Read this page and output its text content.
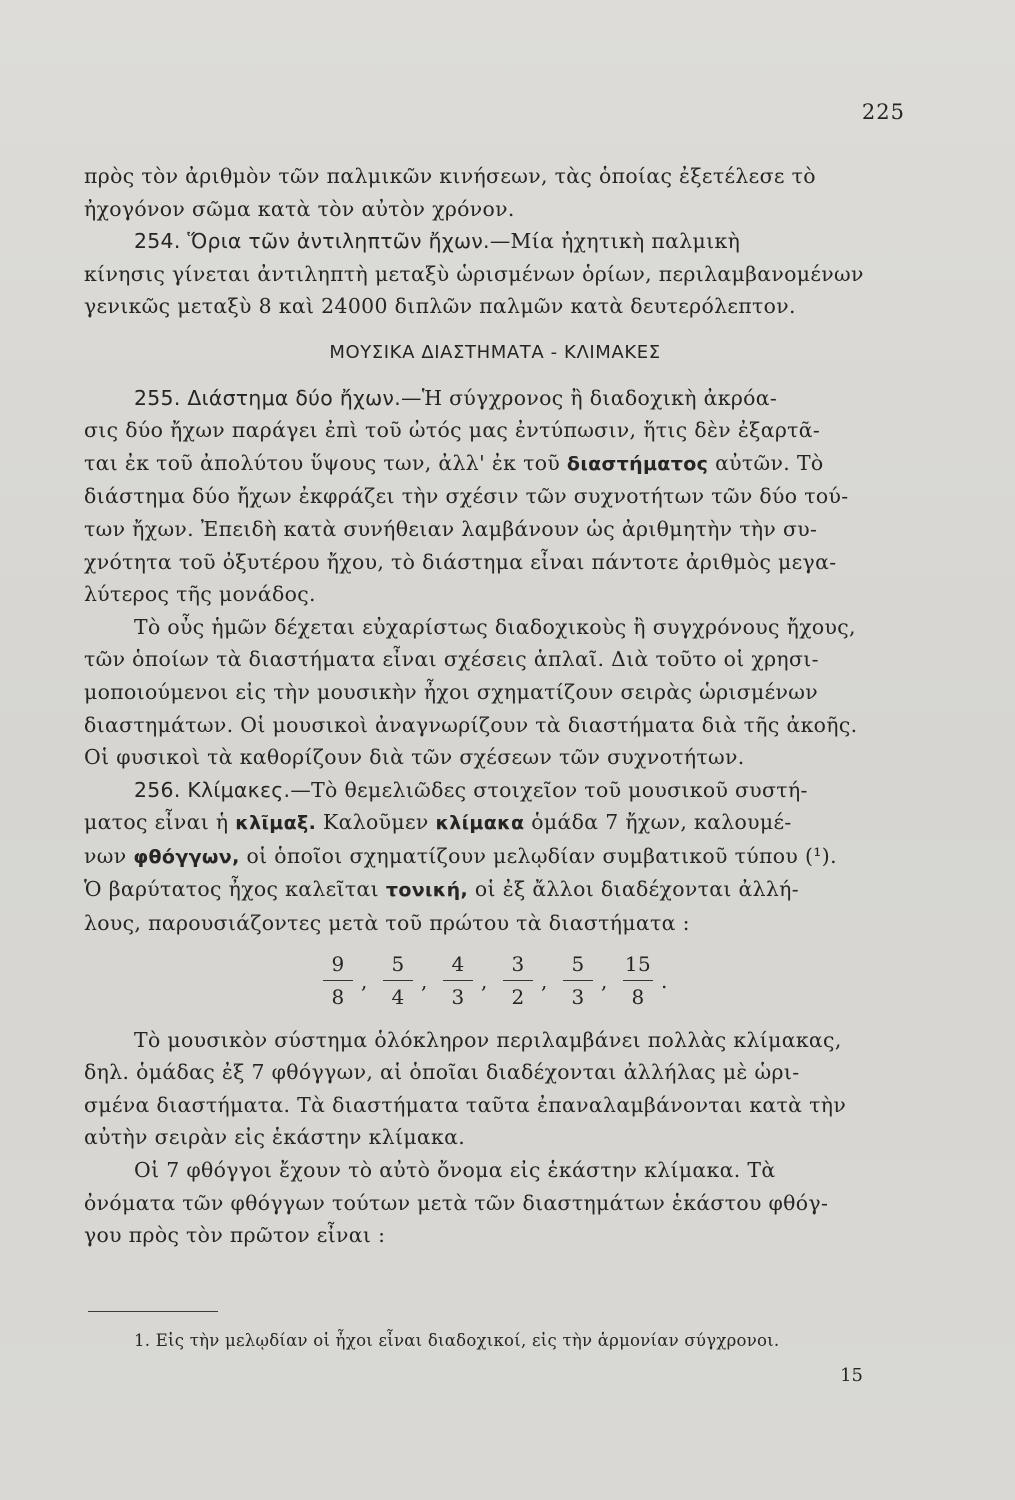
225

πρὸς τὸν ἀριθμὸν τῶν παλμικῶν κινήσεων, τὰς ὁποίας ἐξετέλεσε τὸ
ἠχογόνον σῶμα κατὰ τὸν αὐτὸν χρόνον.

254. Ὅρια τῶν ἀντιληπτῶν ἤχων.—Μία ἠχητικὴ παλμικὴ
κίνησις γίνεται ἀντιληπτὴ μεταξὺ ὡρισμένων ὁρίων, περιλαμβανομένων
γενικῶς μεταξὺ 8 καὶ 24000 διπλῶν παλμῶν κατὰ δευτερόλεπτον.

ΜΟΥΣΙΚΑ ΔΙΑΣΤΗΜΑΤΑ - ΚΛΙΜΑΚΕΣ

255. Διάστημα δύο ἤχων.—Ἡ σύγχρονος ἢ διαδοχικὴ ἀκρόα-
σις δύο ἤχων παράγει ἐπὶ τοῦ ὠτός μας ἐντύπωσιν, ἥτις δὲν ἐξαρτᾶ-
ται ἐκ τοῦ ἀπολύτου ὕψους των, ἀλλ' ἐκ τοῦ διαστήματος αὐτῶν. Τὸ
διάστημα δύο ἤχων ἐκφράζει τὴν σχέσιν τῶν συχνοτήτων τῶν δύο τού-
των ἤχων. Ἐπειδὴ κατὰ συνήθειαν λαμβάνουν ὡς ἀριθμητὴν τὴν συ-
χνότητα τοῦ ὀξυτέρου ἤχου, τὸ διάστημα εἶναι πάντοτε ἀριθμὸς μεγα-
λύτερος τῆς μονάδος.

Τὸ οὖς ἡμῶν δέχεται εὐχαρίστως διαδοχικοὺς ἢ συγχρόνους ἤχους,
τῶν ὁποίων τὰ διαστήματα εἶναι σχέσεις ἁπλαῖ. Διὰ τοῦτο οἱ χρησι-
μοποιούμενοι εἰς τὴν μουσικὴν ἦχοι σχηματίζουν σειρὰς ὡρισμένων
διαστημάτων. Οἱ μουσικοὶ ἀναγνωρίζουν τὰ διαστήματα διὰ τῆς ἀκοῆς.
Οἱ φυσικοὶ τὰ καθορίζουν διὰ τῶν σχέσεων τῶν συχνοτήτων.

256. Κλίμακες.—Τὸ θεμελιῶδες στοιχεῖον τοῦ μουσικοῦ συστή-
ματος εἶναι ἡ κλῖμαξ. Καλοῦμεν κλίμακα ὁμάδα 7 ἤχων, καλουμέ-
νων φθόγγων, οἱ ὁποῖοι σχηματίζουν μελῳδίαν συμβατικοῦ τύπου (¹).
Ὁ βαρύτατος ἦχος καλεῖται τονική, οἱ ἐξ ἄλλοι διαδέχονται ἀλλή-
λους, παρουσιάζοντες μετὰ τοῦ πρώτου τὰ διαστήματα :

$\frac{9}{8}$ , $\frac{5}{4}$ , $\frac{4}{3}$ , $\frac{3}{2}$ , $\frac{5}{3}$ , $\frac{15}{8}$ .

Τὸ μουσικὸν σύστημα ὁλόκληρον περιλαμβάνει πολλὰς κλίμακας,
δηλ. ὁμάδας ἐξ 7 φθόγγων, αἱ ὁποῖαι διαδέχονται ἀλλήλας μὲ ὡρι-
σμένα διαστήματα. Τὰ διαστήματα ταῦτα ἐπαναλαμβάνονται κατὰ τὴν
αὐτὴν σειρὰν εἰς ἑκάστην κλίμακα.

Οἱ 7 φθόγγοι ἔχουν τὸ αὐτὸ ὄνομα εἰς ἑκάστην κλίμακα. Τὰ
ὀνόματα τῶν φθόγγων τούτων μετὰ τῶν διαστημάτων ἑκάστου φθόγ-
γου πρὸς τὸν πρῶτον εἶναι :

1. Εἰς τὴν μελῳδίαν οἱ ἦχοι εἶναι διαδοχικοί, εἰς τὴν ἁρμονίαν σύγχρονοι.
15
